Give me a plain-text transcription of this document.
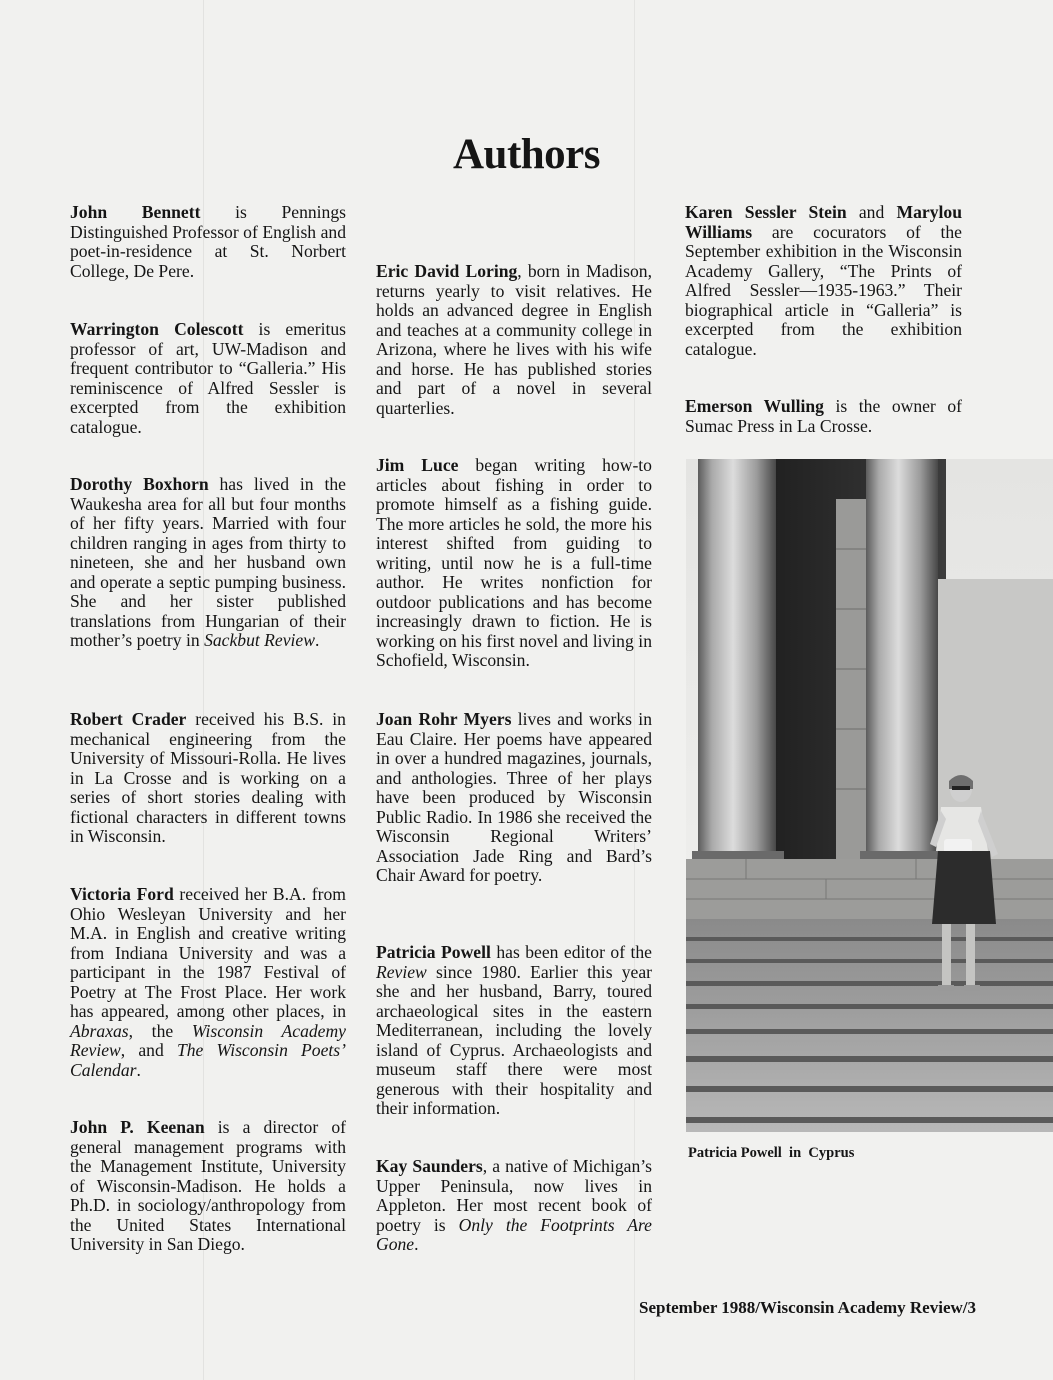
Authors

John Bennett is Pennings Distinguished Professor of English and poet-in-residence at St. Norbert College, De Pere.

Warrington Colescott is emeritus professor of art, UW-Madison and frequent contributor to “Galleria.” His reminiscence of Alfred Sessler is excerpted from the exhibition catalogue.

Dorothy Boxhorn has lived in the Waukesha area for all but four months of her fifty years. Married with four children ranging in ages from thirty to nineteen, she and her husband own and operate a septic pumping business. She and her sister published translations from Hungarian of their mother’s poetry in Sackbut Review.

Robert Crader received his B.S. in mechanical engineering from the University of Missouri-Rolla. He lives in La Crosse and is working on a series of short stories dealing with fictional characters in different towns in Wisconsin.

Victoria Ford received her B.A. from Ohio Wesleyan University and her M.A. in English and creative writing from Indiana University and was a participant in the 1987 Festival of Poetry at The Frost Place. Her work has appeared, among other places, in Abraxas, the Wisconsin Academy Review, and The Wisconsin Poets’ Calendar.

John P. Keenan is a director of general management programs with the Management Institute, University of Wisconsin-Madison. He holds a Ph.D. in sociology/anthropology from the United States International University in San Diego.

Eric David Loring, born in Madison, returns yearly to visit relatives. He holds an advanced degree in English and teaches at a community college in Arizona, where he lives with his wife and horse. He has published stories and part of a novel in several quarterlies.

Jim Luce began writing how-to articles about fishing in order to promote himself as a fishing guide. The more articles he sold, the more his interest shifted from guiding to writing, until now he is a full-time author. He writes nonfiction for outdoor publications and has become increasingly drawn to fiction. He is working on his first novel and living in Schofield, Wisconsin.

Joan Rohr Myers lives and works in Eau Claire. Her poems have appeared in over a hundred magazines, journals, and anthologies. Three of her plays have been produced by Wisconsin Public Radio. In 1986 she received the Wisconsin Regional Writers’ Association Jade Ring and Bard’s Chair Award for poetry.

Patricia Powell has been editor of the Review since 1980. Earlier this year she and her husband, Barry, toured archaeological sites in the eastern Mediterranean, including the lovely island of Cyprus. Archaeologists and museum staff there were most generous with their hospitality and their information.

Kay Saunders, a native of Michigan’s Upper Peninsula, now lives in Appleton. Her most recent book of poetry is Only the Footprints Are Gone.

Karen Sessler Stein and Marylou Williams are cocurators of the September exhibition in the Wisconsin Academy Gallery, “The Prints of Alfred Sessler—1935-1963.” Their biographical article in “Galleria” is excerpted from the exhibition catalogue.

Emerson Wulling is the owner of Sumac Press in La Crosse.

Patricia Powell  in  Cyprus
September 1988/Wisconsin Academy Review/3
